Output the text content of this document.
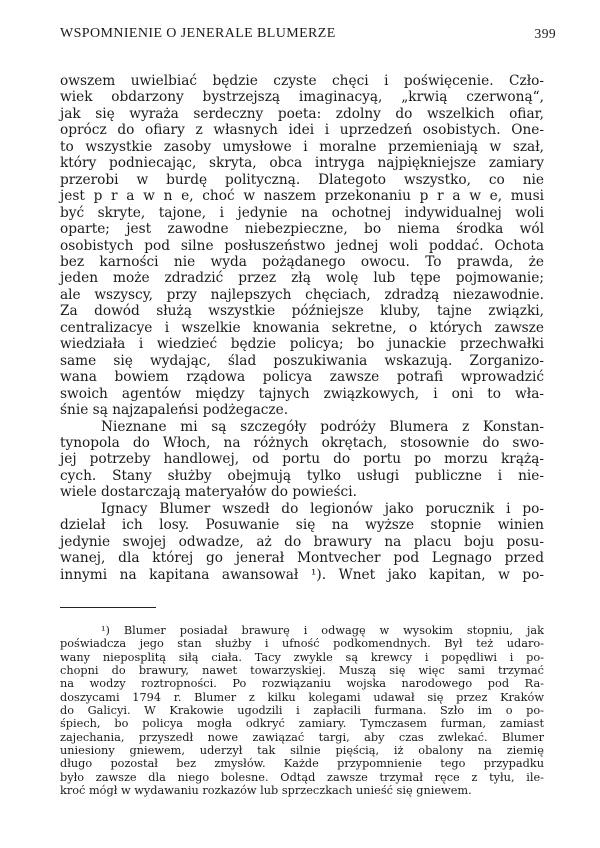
WSPOMNIENIE O JENERALE BLUMERZE	399
owszem uwielbiać będzie czyste chęci i poświęcenie. Czło-
wiek obdarzony bystrzejszą imaginacyą, „krwią czerwoną“,
jak się wyraża serdeczny poeta: zdolny do wszelkich ofiar,
oprócz do ofiary z własnych idei i uprzedzeń osobistych. One-
to wszystkie zasoby umysłowe i moralne przemieniają w szał,
który podniecając, skryta, obca intryga najpiękniejsze zamiary
przerobi w burdę polityczną. Dlategoto wszystko, co nie
jest p r a w n e, choć w naszem przekonaniu p r a w e, musi
być skryte, tajone, i jedynie na ochotnej indywidualnej woli
oparte; jest zawodne niebezpieczne, bo niema środka wól
osobistych pod silne posłuszeństwo jednej woli poddać. Ochota
bez karności nie wyda pożądanego owocu. To prawda, że
jeden może zdradzić przez złą wolę lub tępe pojmowanie;
ale wszyscy, przy najlepszych chęciach, zdradzą niezawodnie.
Za dowód służą wszystkie późniejsze kluby, tajne związki,
centralizacye i wszelkie knowania sekretne, o których zawsze
wiedziała i wiedzieć będzie policya; bo junackie przechwałki
same się wydając, ślad poszukiwania wskazują. Zorganizo-
wana bowiem rządowa policya zawsze potrafi wprowadzić
swoich agentów między tajnych związkowych, i oni to wła-
śnie są najzapaleńsi podżegacze.
Nieznane mi są szczegóły podróży Blumera z Konstan-
tynopola do Włoch, na różnych okrętach, stosownie do swo-
jej potrzeby handlowej, od portu do portu po morzu krążą-
cych. Stany służby obejmują tylko usługi publiczne i nie-
wiele dostarczają materyałów do powieści.
Ignacy Blumer wszedł do legionów jako porucznik i po-
dzielał ich losy. Posuwanie się na wyższe stopnie winien
jedynie swojej odwadze, aż do brawury na placu boju posu-
wanej, dla której go jenerał Montvecher pod Legnago przed
innymi na kapitana awansował ¹). Wnet jako kapitan, w po-
¹) Blumer posiadał brawurę i odwagę w wysokim stopniu, jak
poświadcza jego stan służby i ufność podkomendnych. Był też udaro-
wany nieposplitą siłą ciała. Tacy zwykle są krewcy i popędliwi i po-
chopni do brawury, nawet towarzyskiej. Muszą się więc sami trzymać
na wodzy roztropności. Po rozwiązaniu wojska narodowego pod Ra-
doszycami 1794 r. Blumer z kilku kolegami udawał się przez Kraków
do Galicyi. W Krakowie ugodzili i zapłacili furmana. Szło im o po-
śpiech, bo policya mogła odkryć zamiary. Tymczasem furman, zamiast
zajechania, przyszedł nowe zawiązać targi, aby czas zwlekać. Blumer
uniesiony gniewem, uderzył tak silnie pięścią, iż obalony na ziemię
długo pozostał bez zmysłów. Każde przypomnienie tego przypadku
było zawsze dla niego bolesne. Odtąd zawsze trzymał ręce z tyłu, ile-
kroć mógł w wydawaniu rozkazów lub sprzeczkach unieść się gniewem.
